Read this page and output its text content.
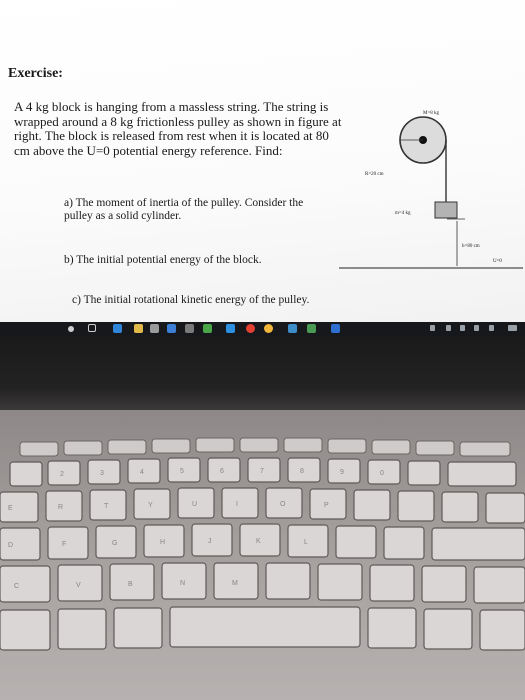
Exercise:

A 4 kg block is hanging from a massless string. The string is wrapped around a 8 kg frictionless pulley as shown in figure at right. The block is released from rest when it is located at 80 cm above the U=0 potential energy reference. Find:

a) The moment of inertia of the pulley. Consider the pulley as a solid cylinder.
b) The initial potential energy of the block.
c) The initial rotational kinetic energy of the pulley.
M=8 kg
R=20 cm
m=4 kg
h=80 cm
U=0
2	3	4	5	6	7	8	9	0
E	R	T	Y	U	I	O	P
D	F	G	H	J	K	L
C	V	B	N	M
